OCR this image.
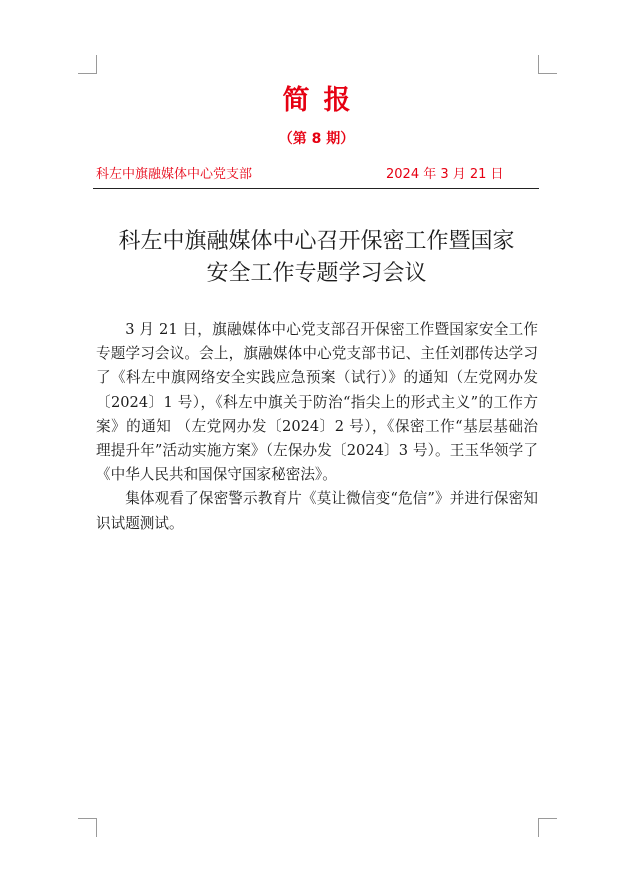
简报
（第 8 期）
科左中旗融媒体中心党支部	2024 年 3 月 21 日
科左中旗融媒体中心召开保密工作暨国家
安全工作专题学习会议

3 月 21 日，旗融媒体中心党支部召开保密工作暨国家安全工作专题学习会议。会上，旗融媒体中心党支部书记、主任刘郡传达学习了《科左中旗网络安全实践应急预案（试行）》的通知（左党网办发〔2024〕1 号），《科左中旗关于防治“指尖上的形式主义”的工作方案》的通知 （左党网办发〔2024〕2 号），《保密工作“基层基础治理提升年”活动实施方案》（左保办发〔2024〕3 号）。王玉华领学了《中华人民共和国保守国家秘密法》。

集体观看了保密警示教育片《莫让微信变“危信”》并进行保密知识试题测试。
